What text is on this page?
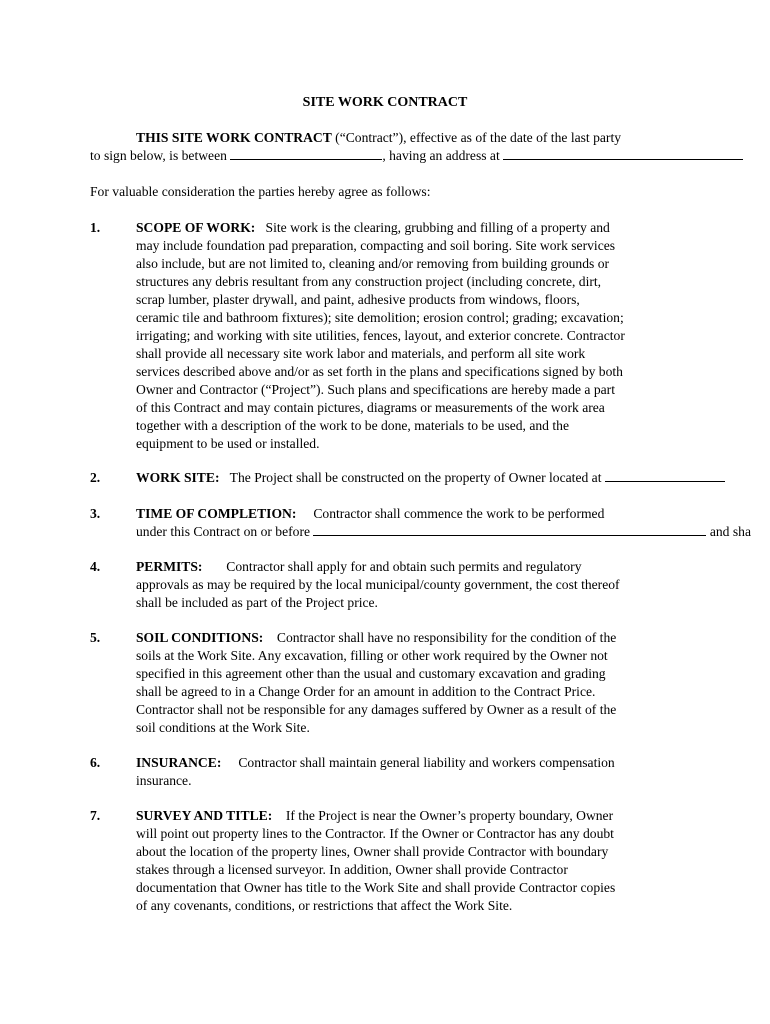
SITE WORK CONTRACT
THIS SITE WORK CONTRACT (“Contract”), effective as of the date of the last party
to sign below, is between	, having an address at
For valuable consideration the parties hereby agree as follows:
1.	SCOPE OF WORK: Site work is the clearing, grubbing and filling of a property and
may include foundation pad preparation, compacting and soil boring. Site work services
also include, but are not limited to, cleaning and/or removing from building grounds or
structures any debris resultant from any construction project (including concrete, dirt,
scrap lumber, plaster drywall, and paint, adhesive products from windows, floors,
ceramic tile and bathroom fixtures); site demolition; erosion control; grading; excavation;
irrigating; and working with site utilities, fences, layout, and exterior concrete. Contractor
shall provide all necessary site work labor and materials, and perform all site work
services described above and/or as set forth in the plans and specifications signed by both
Owner and Contractor (“Project”). Such plans and specifications are hereby made a part
of this Contract and may contain pictures, diagrams or measurements of the work area
together with a description of the work to be done, materials to be used, and the
equipment to be used or installed.
2.	WORK SITE: The Project shall be constructed on the property of Owner located at
3.	TIME OF COMPLETION: Contractor shall commence the work to be performed
under this Contract on or before	and sha
4.	PERMITS: Contractor shall apply for and obtain such permits and regulatory
approvals as may be required by the local municipal/county government, the cost thereof
shall be included as part of the Project price.
5.	SOIL CONDITIONS: Contractor shall have no responsibility for the condition of the
soils at the Work Site. Any excavation, filling or other work required by the Owner not
specified in this agreement other than the usual and customary excavation and grading
shall be agreed to in a Change Order for an amount in addition to the Contract Price.
Contractor shall not be responsible for any damages suffered by Owner as a result of the
soil conditions at the Work Site.
6.	INSURANCE: Contractor shall maintain general liability and workers compensation
insurance.
7.	SURVEY AND TITLE: If the Project is near the Owner’s property boundary, Owner
will point out property lines to the Contractor. If the Owner or Contractor has any doubt
about the location of the property lines, Owner shall provide Contractor with boundary
stakes through a licensed surveyor. In addition, Owner shall provide Contractor
documentation that Owner has title to the Work Site and shall provide Contractor copies
of any covenants, conditions, or restrictions that affect the Work Site.
